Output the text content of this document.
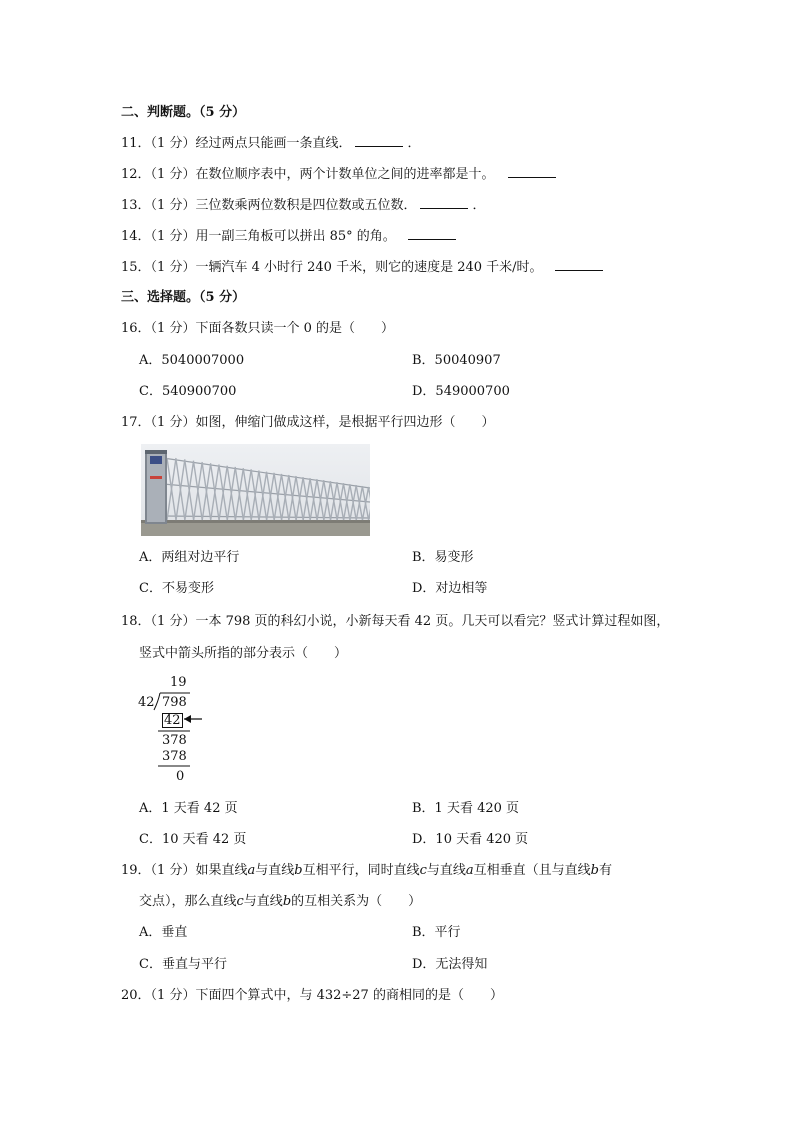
二、判断题。（5 分）
11．（1 分）经过两点只能画一条直线．	．
12．（1 分）在数位顺序表中，两个计数单位之间的进率都是十。
13．（1 分）三位数乘两位数积是四位数或五位数．	．
14．（1 分）用一副三角板可以拼出 85° 的角。
15．（1 分）一辆汽车 4 小时行 240 千米，则它的速度是 240 千米/时。
三、选择题。（5 分）
16．（1 分）下面各数只读一个 0 的是（　　）
A．5040007000	B．50040907
C．540900700	D．549000700
17．（1 分）如图，伸缩门做成这样，是根据平行四边形（　　）
A．两组对边平行	B．易变形
C．不易变形	D．对边相等
18．（1 分）一本 798 页的科幻小说，小新每天看 42 页。几天可以看完？竖式计算过程如图，
竖式中箭头所指的部分表示（　　）
19
42 798
42
378
378
0
A．1 天看 42 页	B．1 天看 420 页
C．10 天看 42 页	D．10 天看 420 页
19．（1 分）如果直线a与直线b互相平行，同时直线c与直线a互相垂直（且与直线b有
交点），那么直线c与直线b的互相关系为（　　）
A．垂直	B．平行
C．垂直与平行	D．无法得知
20．（1 分）下面四个算式中，与 432÷27 的商相同的是（　　）
